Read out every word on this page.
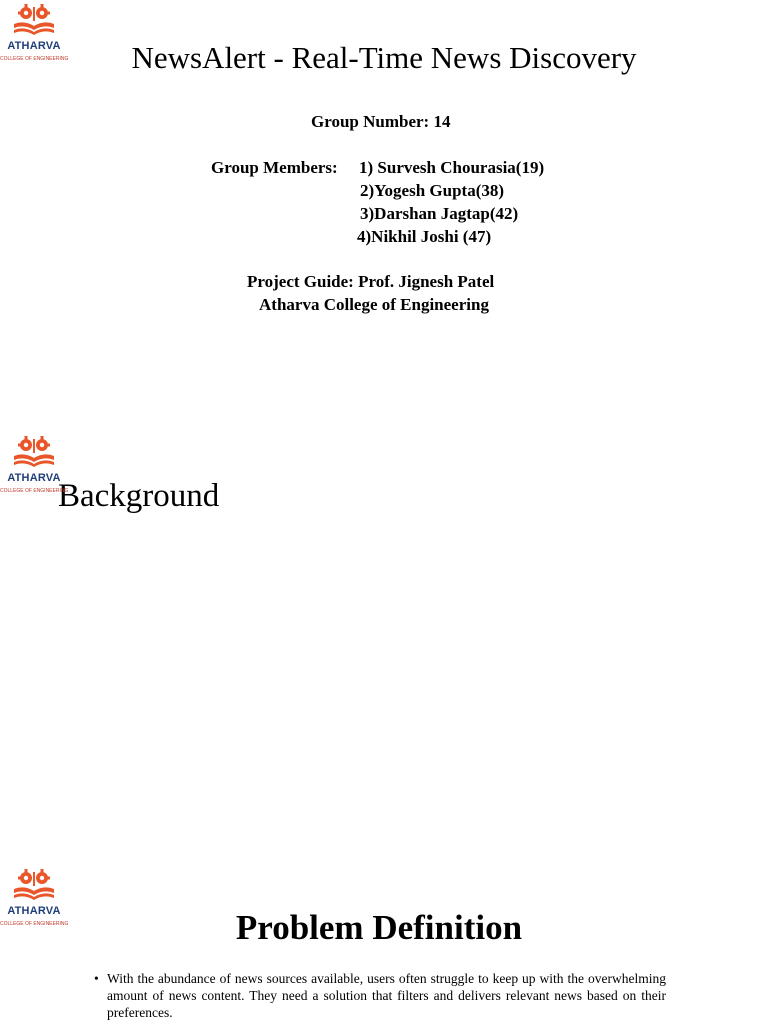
ATHARVA
COLLEGE OF ENGINEERING	NewsAlert - Real-Time News Discovery
Group Number: 14
Group Members: 1) Survesh Chourasia(19)
2)Yogesh Gupta(38)
3)Darshan Jagtap(42)
4)Nikhil Joshi (47)
Project Guide: Prof. Jignesh Patel
Atharva College of Engineering
Background
ATHARVA
COLLEGE OF ENGINEERING
ATHARVA
COLLEGE OF ENGINEERING	Problem Definition
• With the abundance of news sources available, users often struggle to keep up with the overwhelming amount of news content. They need a solution that filters and delivers relevant news based on their preferences.
